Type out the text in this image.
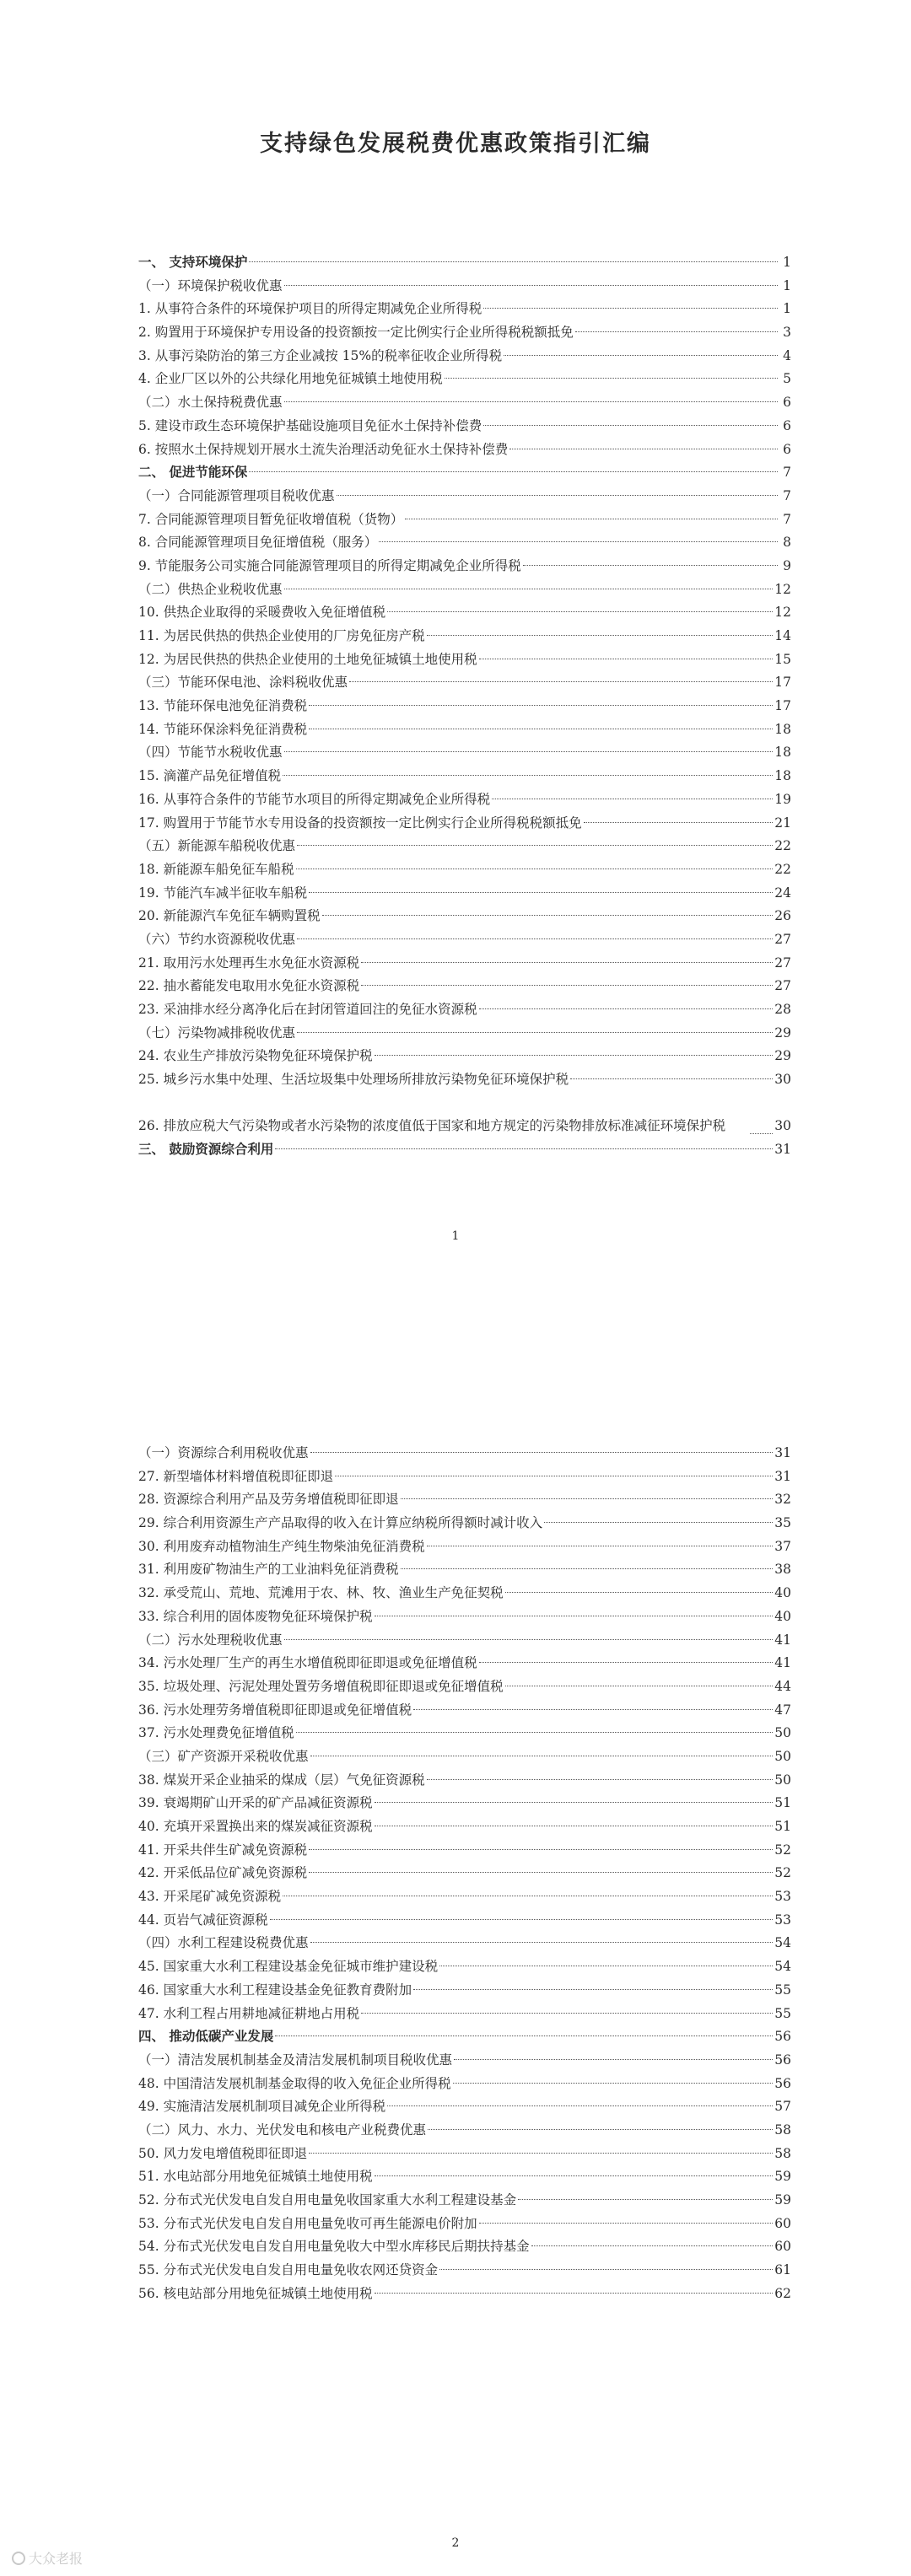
支持绿色发展税费优惠政策指引汇编
一、 支持环境保护	1
（一）环境保护税收优惠	1
1. 从事符合条件的环境保护项目的所得定期减免企业所得税	1
2. 购置用于环境保护专用设备的投资额按一定比例实行企业所得税税额抵免	3
3. 从事污染防治的第三方企业减按 15%的税率征收企业所得税	4
4. 企业厂区以外的公共绿化用地免征城镇土地使用税	5
（二）水土保持税费优惠	6
5. 建设市政生态环境保护基础设施项目免征水土保持补偿费	6
6. 按照水土保持规划开展水土流失治理活动免征水土保持补偿费	6
二、 促进节能环保	7
（一）合同能源管理项目税收优惠	7
7. 合同能源管理项目暂免征收增值税（货物）	7
8. 合同能源管理项目免征增值税（服务）	8
9. 节能服务公司实施合同能源管理项目的所得定期减免企业所得税	9
（二）供热企业税收优惠	12
10. 供热企业取得的采暖费收入免征增值税	12
11. 为居民供热的供热企业使用的厂房免征房产税	14
12. 为居民供热的供热企业使用的土地免征城镇土地使用税	15
（三）节能环保电池、涂料税收优惠	17
13. 节能环保电池免征消费税	17
14. 节能环保涂料免征消费税	18
（四）节能节水税收优惠	18
15. 滴灌产品免征增值税	18
16. 从事符合条件的节能节水项目的所得定期减免企业所得税	19
17. 购置用于节能节水专用设备的投资额按一定比例实行企业所得税税额抵免	21
（五）新能源车船税收优惠	22
18. 新能源车船免征车船税	22
19. 节能汽车减半征收车船税	24
20. 新能源汽车免征车辆购置税	26
（六）节约水资源税收优惠	27
21. 取用污水处理再生水免征水资源税	27
22. 抽水蓄能发电取用水免征水资源税	27
23. 采油排水经分离净化后在封闭管道回注的免征水资源税	28
（七）污染物减排税收优惠	29
24. 农业生产排放污染物免征环境保护税	29
25. 城乡污水集中处理、生活垃圾集中处理场所排放污染物免征环境保护税	30
26. 排放应税大气污染物或者水污染物的浓度值低于国家和地方规定的污染物排放标准减征环境保护税	30
三、 鼓励资源综合利用	31
1
（一）资源综合利用税收优惠	31
27. 新型墙体材料增值税即征即退	31
28. 资源综合利用产品及劳务增值税即征即退	32
29. 综合利用资源生产产品取得的收入在计算应纳税所得额时减计收入	35
30. 利用废弃动植物油生产纯生物柴油免征消费税	37
31. 利用废矿物油生产的工业油料免征消费税	38
32. 承受荒山、荒地、荒滩用于农、林、牧、渔业生产免征契税	40
33. 综合利用的固体废物免征环境保护税	40
（二）污水处理税收优惠	41
34. 污水处理厂生产的再生水增值税即征即退或免征增值税	41
35. 垃圾处理、污泥处理处置劳务增值税即征即退或免征增值税	44
36. 污水处理劳务增值税即征即退或免征增值税	47
37. 污水处理费免征增值税	50
（三）矿产资源开采税收优惠	50
38. 煤炭开采企业抽采的煤成（层）气免征资源税	50
39. 衰竭期矿山开采的矿产品减征资源税	51
40. 充填开采置换出来的煤炭减征资源税	51
41. 开采共伴生矿减免资源税	52
42. 开采低品位矿减免资源税	52
43. 开采尾矿减免资源税	53
44. 页岩气减征资源税	53
（四）水利工程建设税费优惠	54
45. 国家重大水利工程建设基金免征城市维护建设税	54
46. 国家重大水利工程建设基金免征教育费附加	55
47. 水利工程占用耕地减征耕地占用税	55
四、 推动低碳产业发展	56
（一）清洁发展机制基金及清洁发展机制项目税收优惠	56
48. 中国清洁发展机制基金取得的收入免征企业所得税	56
49. 实施清洁发展机制项目减免企业所得税	57
（二）风力、水力、光伏发电和核电产业税费优惠	58
50. 风力发电增值税即征即退	58
51. 水电站部分用地免征城镇土地使用税	59
52. 分布式光伏发电自发自用电量免收国家重大水利工程建设基金	59
53. 分布式光伏发电自发自用电量免收可再生能源电价附加	60
54. 分布式光伏发电自发自用电量免收大中型水库移民后期扶持基金	60
55. 分布式光伏发电自发自用电量免收农网还贷资金	61
56. 核电站部分用地免征城镇土地使用税	62
2
大众老报
